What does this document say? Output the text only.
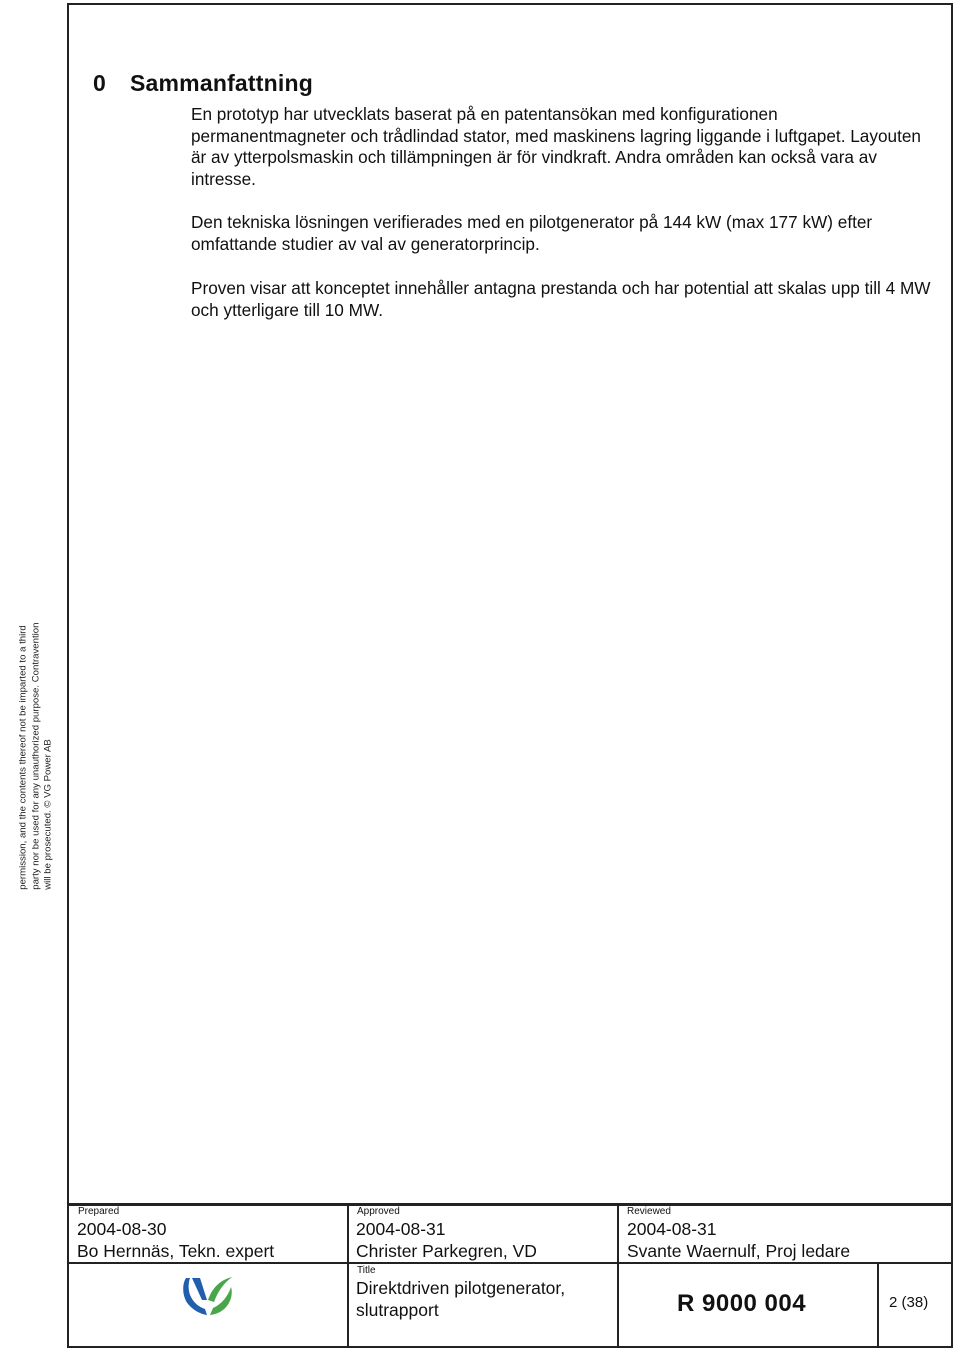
0 Sammanfattning

En prototyp har utvecklats baserat på en patentansökan med konfigurationen permanentmagneter och trådlindad stator, med maskinens lagring liggande i luftgapet. Layouten är av ytterpolsmaskin och tillämpningen är för vindkraft. Andra områden kan också vara av intresse.

Den tekniska lösningen verifierades med en pilotgenerator på 144 kW (max 177 kW) efter omfattande studier av val av generatorprincip.

Proven visar att konceptet innehåller antagna prestanda och har potential att skalas upp till 4 MW och ytterligare till 10 MW.

permission, and the contents thereof not be imparted to a third party nor be used for any unauthorized purpose. Contravention will be prosecuted. © VG Power AB
Prepared
2004-08-30
Bo Hernnäs, Tekn. expert
Approved
2004-08-31
Christer Parkegren, VD
Reviewed
2004-08-31
Svante Waernulf, Proj ledare
Title
Direktdriven pilotgenerator,
slutrapport	R 9000 004	2 (38)
